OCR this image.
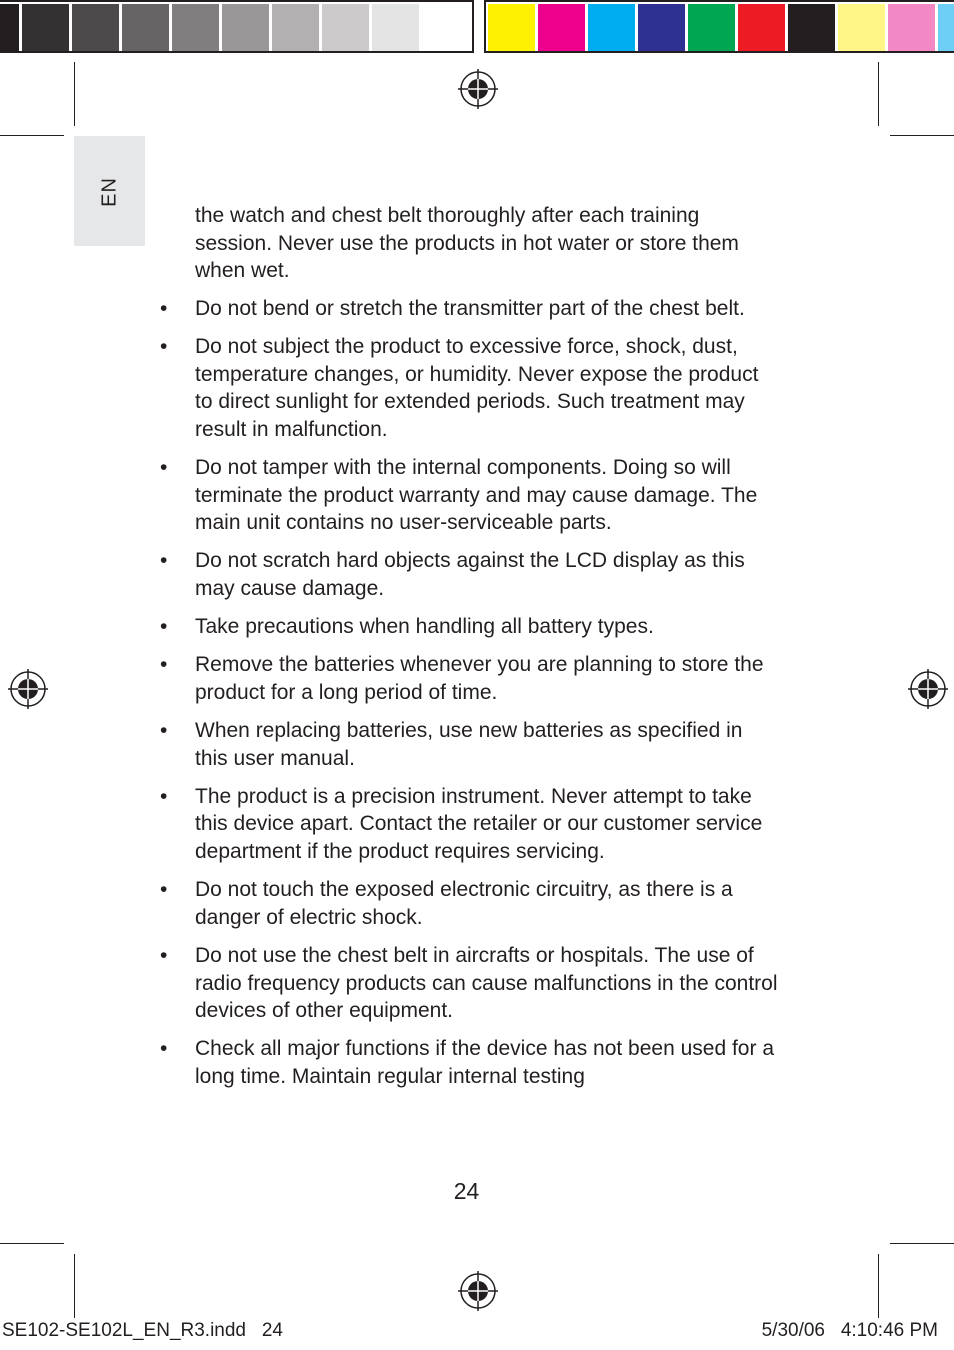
EN

the watch and chest belt thoroughly after each training session. Never use the products in hot water or store them when wet.

• Do not bend or stretch the transmitter part of the chest belt.
• Do not subject the product to excessive force, shock, dust, temperature changes, or humidity. Never expose the product to direct sunlight for extended periods. Such treatment may result in malfunction.
• Do not tamper with the internal components. Doing so will terminate the product warranty and may cause damage. The main unit contains no user-serviceable parts.
• Do not scratch hard objects against the LCD display as this may cause damage.
• Take precautions when handling all battery types.
• Remove the batteries whenever you are planning to store the product for a long period of time.
• When replacing batteries, use new batteries as specified in this user manual.
• The product is a precision instrument. Never attempt to take this device apart. Contact the retailer or our customer service department if the product requires servicing.
• Do not touch the exposed electronic circuitry, as there is a danger of electric shock.
• Do not use the chest belt in aircrafts or hospitals. The use of radio frequency products can cause malfunctions in the control devices of other equipment.
• Check all major functions if the device has not been used for a long time. Maintain regular internal testing
24
SE102-SE102L_EN_R3.indd   24	5/30/06   4:10:46 PM
